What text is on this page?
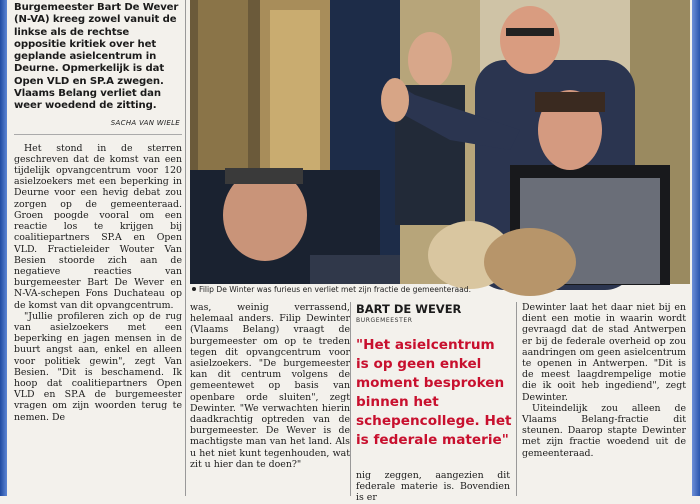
Burgemeester Bart De Wever (N-VA) kreeg zowel vanuit de linkse als de rechtse oppositie kritiek over het geplande asielcentrum in Deurne. Opmerkelijk is dat Open VLD en SP.A zwegen. Vlaams Belang verliet dan weer woedend de zitting.

SACHA VAN WIELE

Het stond in de sterren geschreven dat de komst van een tijdelijk opvangcentrum voor 120 asielzoekers met een beperking in Deurne voor een hevig debat zou zorgen op de gemeenteraad. Groen poogde vooral om een reactie los te krijgen bij coalitiepartners SP.A en Open VLD. Fractieleider Wouter Van Besien stoorde zich aan de negatieve reacties van burgemeester Bart De Wever en N-VA-schepen Fons Duchateau op de komst van dit opvangcentrum.

"Jullie profileren zich op de rug van asielzoekers met een beperking en jagen mensen in de buurt angst aan, enkel en alleen voor politiek gewin", zegt Van Besien. "Dit is beschamend. Ik hoop dat coalitiepartners Open VLD en SP.A de burgemeester vragen om zijn woorden terug te nemen. De

Filip De Winter was furieus en verliet met zijn fractie de gemeenteraad.

was, weinig verrassend, helemaal anders. Filip Dewinter (Vlaams Belang) vraagt de burgemeester om op te treden tegen dit opvangcentrum voor asielzoekers. "De burgemeester kan dit centrum volgens de gemeentewet op basis van openbare orde sluiten", zegt Dewinter. "We verwachten hierin daadkrachtig optreden van de burgemeester. De Wever is de machtigste man van het land. Als u het niet kunt tegenhouden, wat zit u hier dan te doen?"

BART DE WEVER
BURGEMEESTER
"Het asielcentrum is op geen enkel moment besproken binnen het schepencollege. Het is federale materie"

nig zeggen, aangezien dit federale materie is. Bovendien is er

Dewinter laat het daar niet bij en dient een motie in waarin wordt gevraagd dat de stad Antwerpen er bij de federale overheid op zou aandringen om geen asielcentrum te openen in Antwerpen. "Dit is de meest laagdrempelige motie die ik ooit heb ingediend", zegt Dewinter.

Uiteindelijk zou alleen de Vlaams Belang-fractie dit steunen. Daarop stapte Dewinter met zijn fractie woedend uit de gemeenteraad.
